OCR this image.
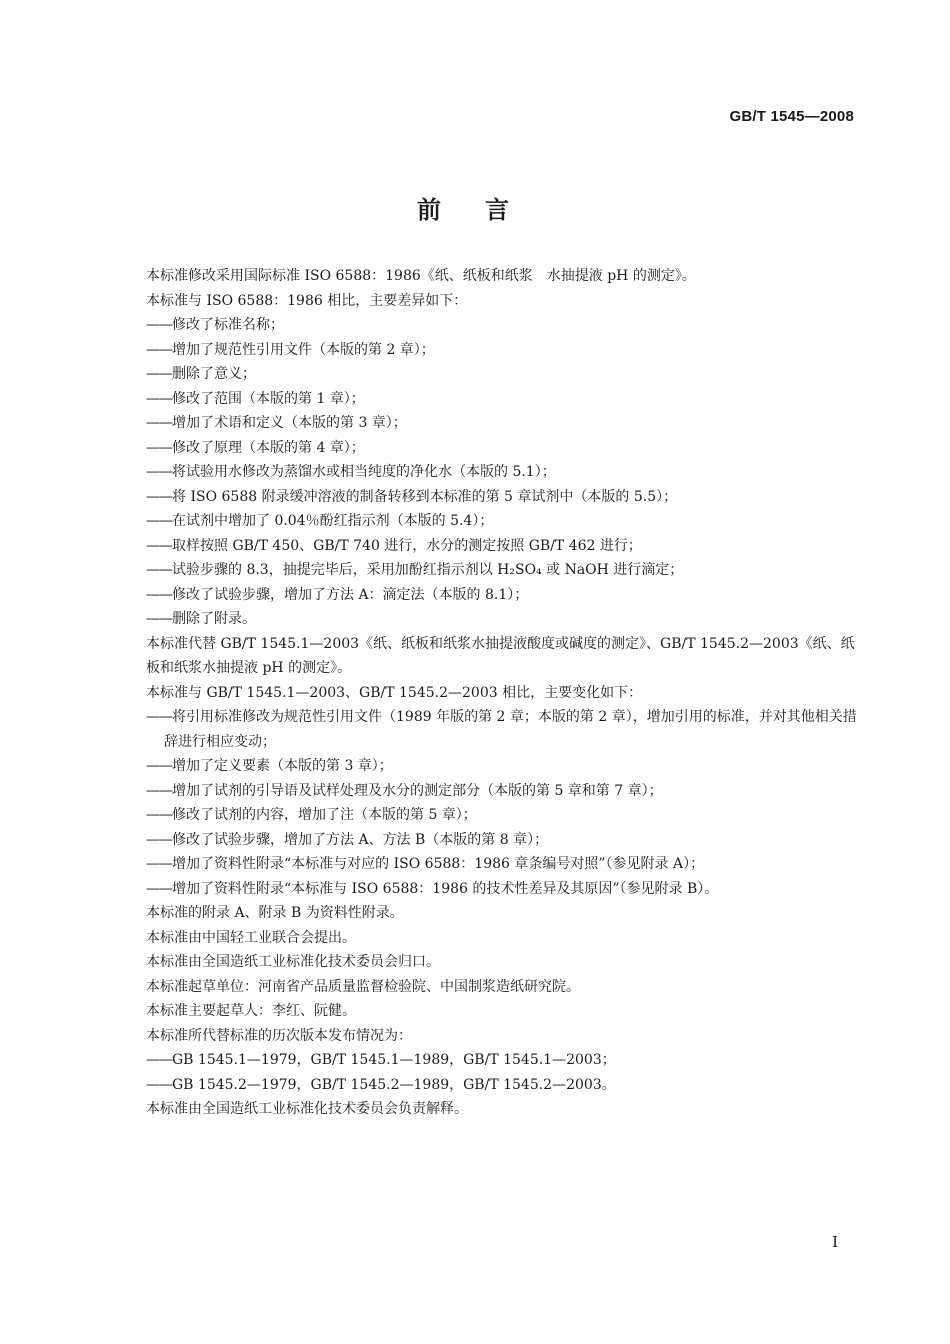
GB/T 1545—2008
前言
本标准修改采用国际标准 ISO 6588：1986《纸、纸板和纸浆　水抽提液 pH 的测定》。
本标准与 ISO 6588：1986 相比，主要差异如下：
——修改了标准名称；
——增加了规范性引用文件（本版的第 2 章）；
——删除了意义；
——修改了范围（本版的第 1 章）；
——增加了术语和定义（本版的第 3 章）；
——修改了原理（本版的第 4 章）；
——将试验用水修改为蒸馏水或相当纯度的净化水（本版的 5.1）；
——将 ISO 6588 附录缓冲溶液的制备转移到本标准的第 5 章试剂中（本版的 5.5）；
——在试剂中增加了 0.04％酚红指示剂（本版的 5.4）；
——取样按照 GB/T 450、GB/T 740 进行，水分的测定按照 GB/T 462 进行；
——试验步骤的 8.3，抽提完毕后，采用加酚红指示剂以 H₂SO₄ 或 NaOH 进行滴定；
——修改了试验步骤，增加了方法 A：滴定法（本版的 8.1）；
——删除了附录。
本标准代替 GB/T 1545.1—2003《纸、纸板和纸浆水抽提液酸度或碱度的测定》、GB/T 1545.2—2003《纸、纸板和纸浆水抽提液 pH 的测定》。
本标准与 GB/T 1545.1—2003、GB/T 1545.2—2003 相比，主要变化如下：
——将引用标准修改为规范性引用文件（1989 年版的第 2 章；本版的第 2 章），增加引用的标准，并对其他相关措辞进行相应变动；
——增加了定义要素（本版的第 3 章）；
——增加了试剂的引导语及试样处理及水分的测定部分（本版的第 5 章和第 7 章）；
——修改了试剂的内容，增加了注（本版的第 5 章）；
——修改了试验步骤，增加了方法 A、方法 B（本版的第 8 章）；
——增加了资料性附录“本标准与对应的 ISO 6588：1986 章条编号对照”（参见附录 A）；
——增加了资料性附录“本标准与 ISO 6588：1986 的技术性差异及其原因”（参见附录 B）。
本标准的附录 A、附录 B 为资料性附录。
本标准由中国轻工业联合会提出。
本标准由全国造纸工业标准化技术委员会归口。
本标准起草单位：河南省产品质量监督检验院、中国制浆造纸研究院。
本标准主要起草人：李红、阮健。
本标准所代替标准的历次版本发布情况为：
——GB 1545.1—1979，GB/T 1545.1—1989，GB/T 1545.1—2003；
——GB 1545.2—1979，GB/T 1545.2—1989，GB/T 1545.2—2003。
本标准由全国造纸工业标准化技术委员会负责解释。
I
